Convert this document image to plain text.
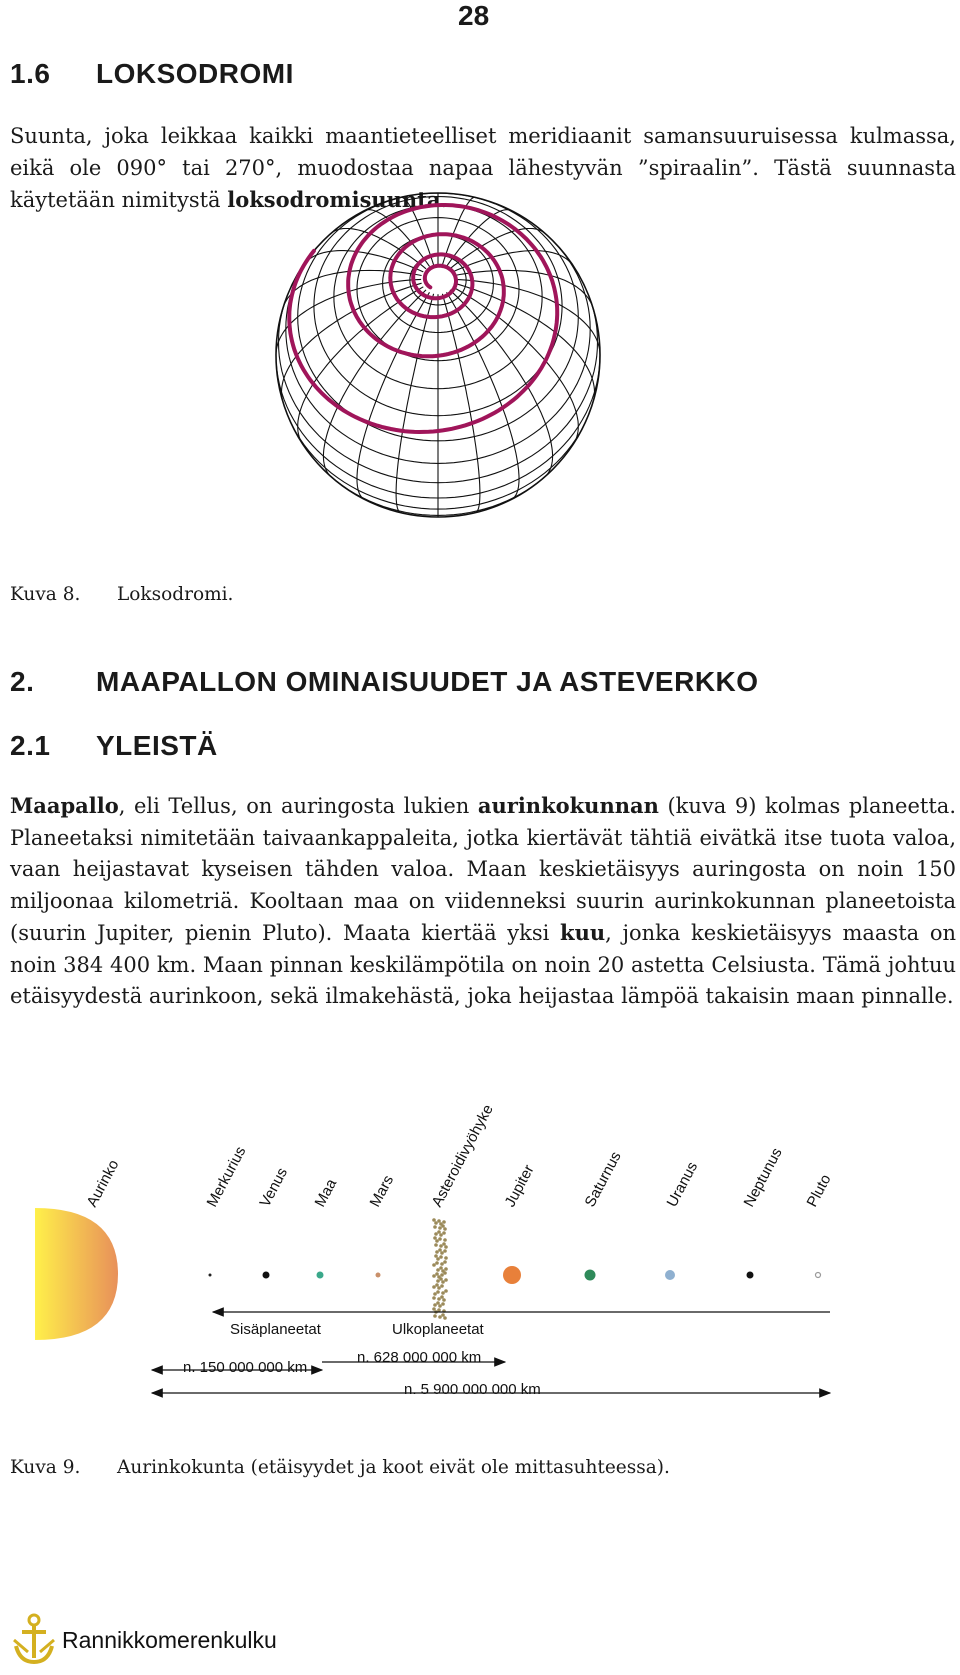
28
1.6 LOKSODROMI

Suunta, joka leikkaa kaikki maantieteelliset meridiaanit samansuuruisessa kulmassa, eikä ole 090° tai 270°, muodostaa napaa lähestyvän ”spiraalin”. Tästä suunnasta käytetään nimitystä loksodromisuunta.

Kuva 8. Loksodromi.
2. MAAPALLON OMINAISUUDET JA ASTEVERKKO
2.1 YLEISTÄ

Maapallo, eli Tellus, on auringosta lukien aurinkokunnan (kuva 9) kolmas planeetta. Planeetaksi nimitetään taivaankappaleita, jotka kiertävät tähtiä eivätkä itse tuota valoa, vaan heijastavat kyseisen tähden valoa. Maan keskietäisyys auringosta on noin 150 miljoonaa kilometriä. Kooltaan maa on viidenneksi suurin aurinkokunnan planeetoista (suurin Jupiter, pienin Pluto). Maata kiertää yksi kuu, jonka keskietäisyys maasta on noin 384 400 km. Maan pinnan keskilämpötila on noin 20 astetta Celsiusta. Tämä johtuu etäisyydestä aurinkoon, sekä ilmakehästä, joka heijastaa lämpöä takaisin maan pinnalle.

Aurinko	Merkurius Venus Maa Mars Asteroidivyöhyke Jupiter	Saturnus	Uranus	Neptunus Pluto
Sisäplaneetat	Ulkoplaneetat
n. 150 000 000 km
n. 628 000 000 km
n. 5 900 000 000 km
Kuva 9. Aurinkokunta (etäisyydet ja koot eivät ole mittasuhteessa).
Rannikkomerenkulku
